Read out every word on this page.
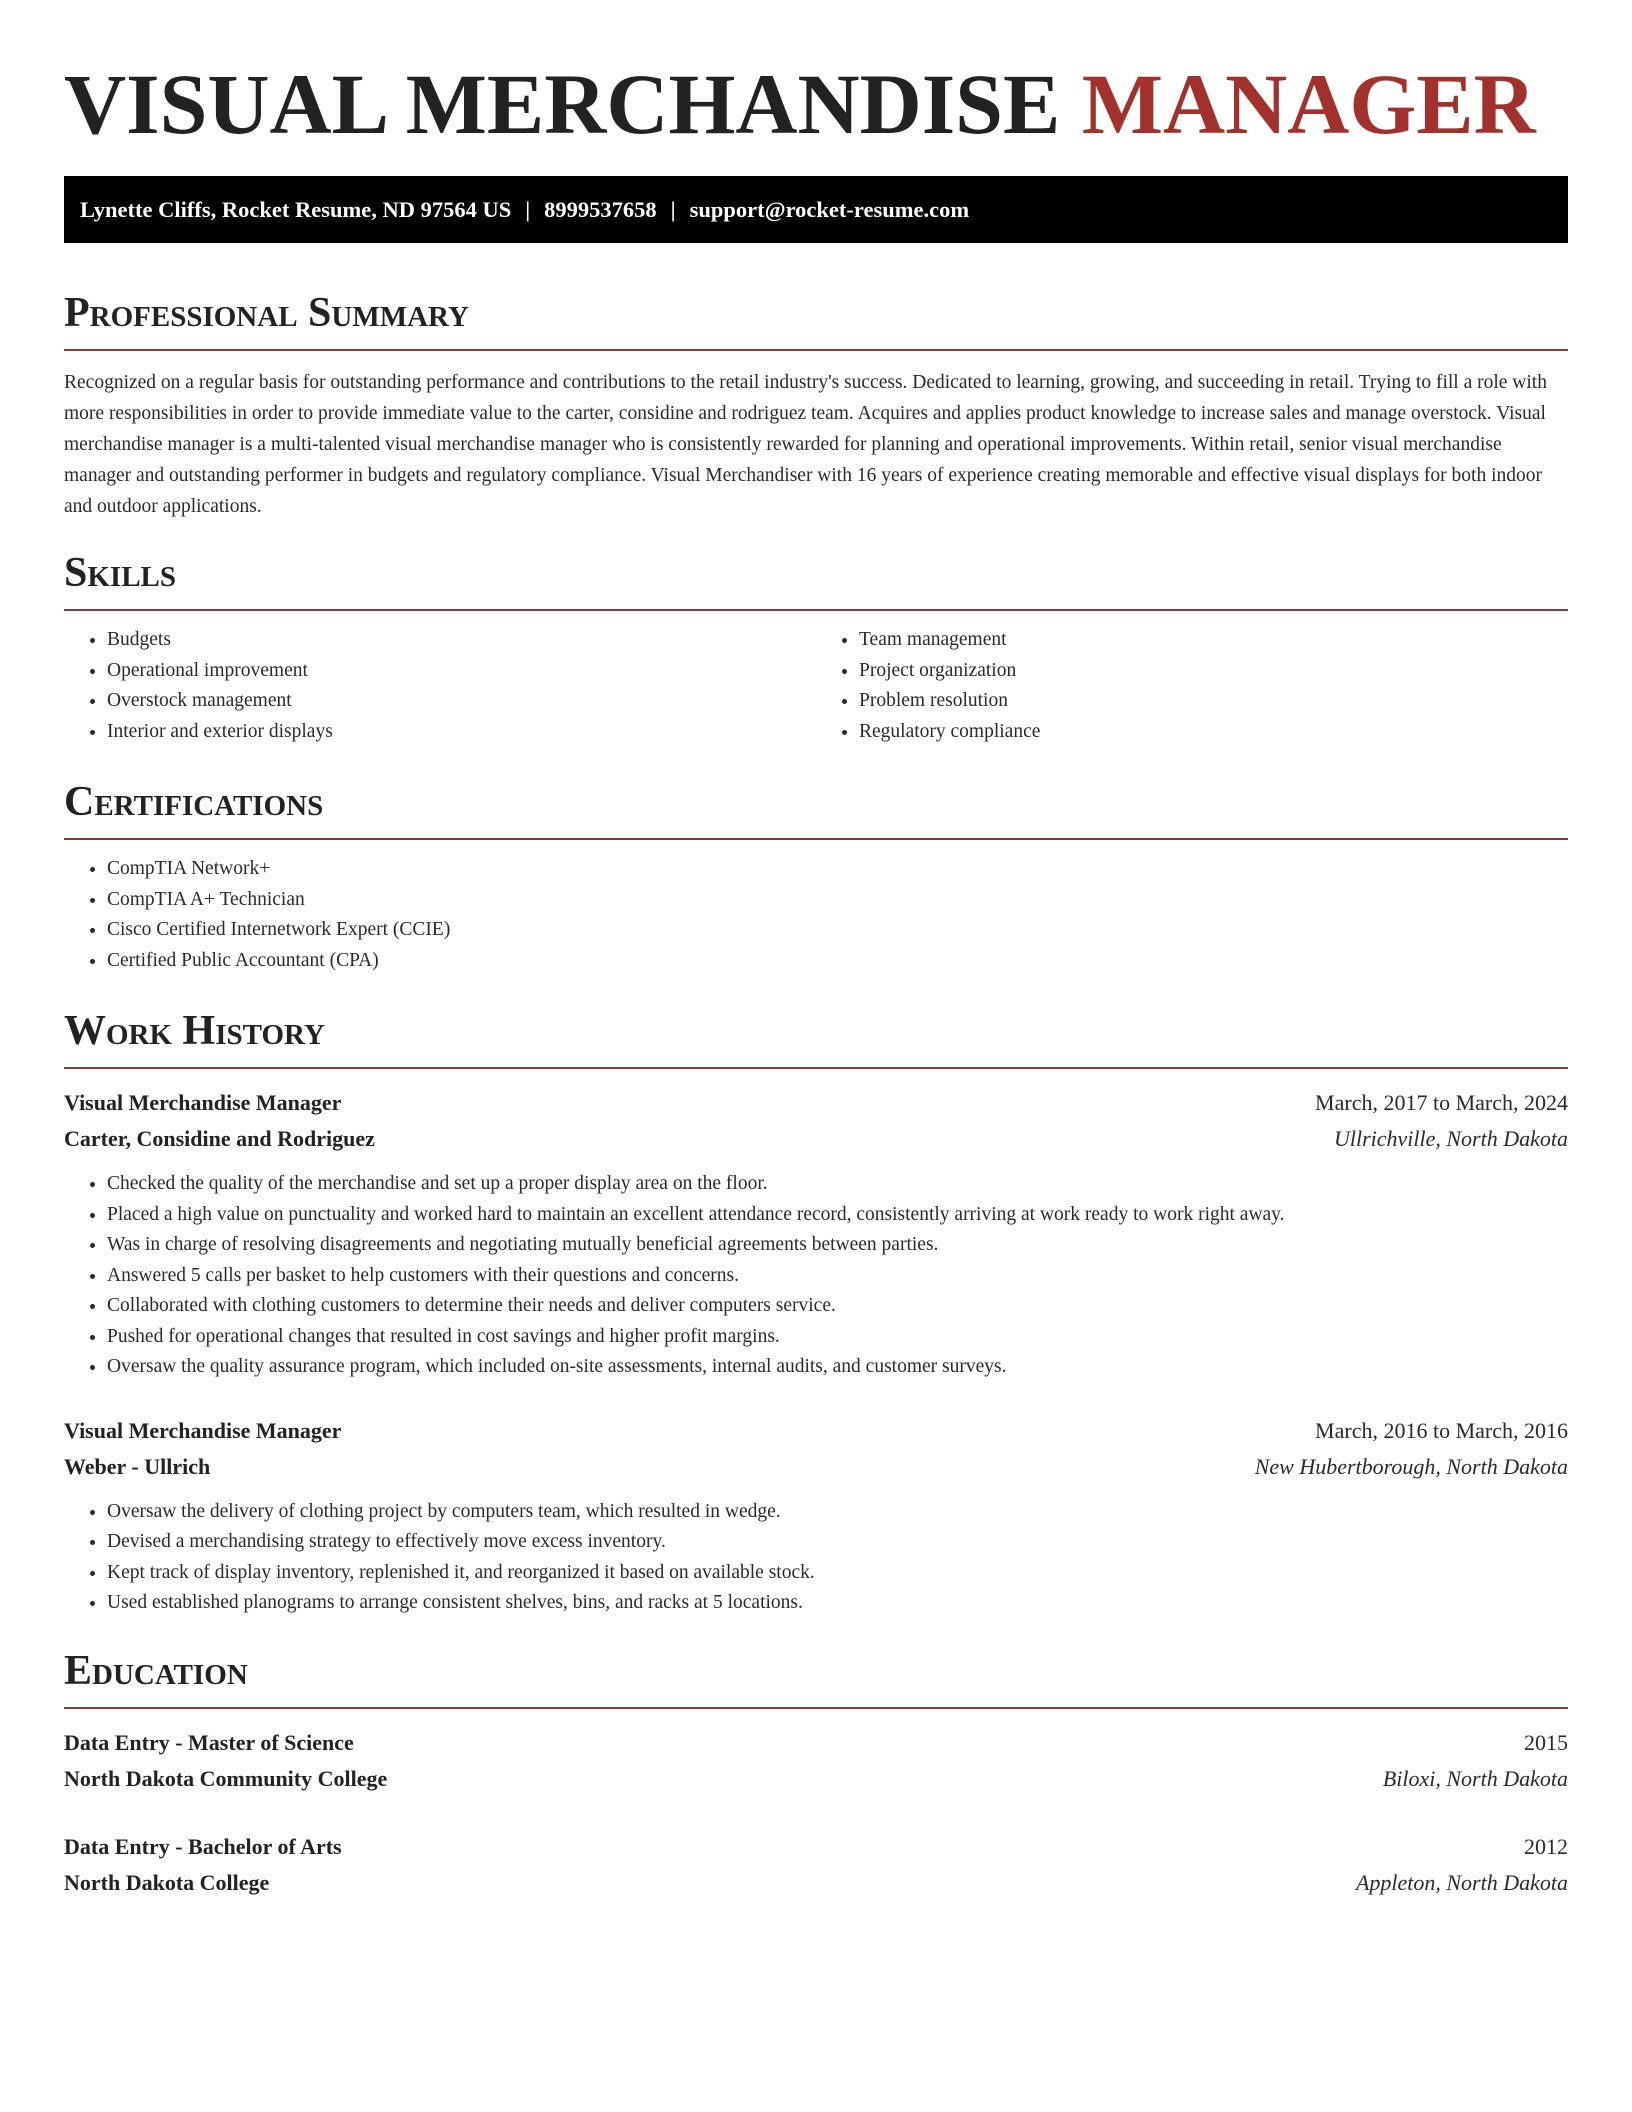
VISUAL MERCHANDISE MANAGER
Lynette Cliffs, Rocket Resume, ND 97564 US | 8999537658 | support@rocket-resume.com
Professional Summary

Recognized on a regular basis for outstanding performance and contributions to the retail industry's success. Dedicated to learning, growing, and succeeding in retail. Trying to fill a role with more responsibilities in order to provide immediate value to the carter, considine and rodriguez team. Acquires and applies product knowledge to increase sales and manage overstock. Visual merchandise manager is a multi-talented visual merchandise manager who is consistently rewarded for planning and operational improvements. Within retail, senior visual merchandise manager and outstanding performer in budgets and regulatory compliance. Visual Merchandiser with 16 years of experience creating memorable and effective visual displays for both indoor and outdoor applications.

Skills
• Budgets
• Operational improvement
• Overstock management
• Interior and exterior displays
• Team management
• Project organization
• Problem resolution
• Regulatory compliance
Certifications
• CompTIA Network+
• CompTIA A+ Technician
• Cisco Certified Internetwork Expert (CCIE)
• Certified Public Accountant (CPA)
Work History
Visual Merchandise Manager	March, 2017 to March, 2024
Carter, Considine and Rodriguez	Ullrichville, North Dakota
• Checked the quality of the merchandise and set up a proper display area on the floor.
• Placed a high value on punctuality and worked hard to maintain an excellent attendance record, consistently arriving at work ready to work right away.
• Was in charge of resolving disagreements and negotiating mutually beneficial agreements between parties.
• Answered 5 calls per basket to help customers with their questions and concerns.
• Collaborated with clothing customers to determine their needs and deliver computers service.
• Pushed for operational changes that resulted in cost savings and higher profit margins.
• Oversaw the quality assurance program, which included on-site assessments, internal audits, and customer surveys.
Visual Merchandise Manager	March, 2016 to March, 2016
Weber - Ullrich	New Hubertborough, North Dakota
• Oversaw the delivery of clothing project by computers team, which resulted in wedge.
• Devised a merchandising strategy to effectively move excess inventory.
• Kept track of display inventory, replenished it, and reorganized it based on available stock.
• Used established planograms to arrange consistent shelves, bins, and racks at 5 locations.
Education
Data Entry - Master of Science	2015
North Dakota Community College	Biloxi, North Dakota
Data Entry - Bachelor of Arts	2012
North Dakota College	Appleton, North Dakota
